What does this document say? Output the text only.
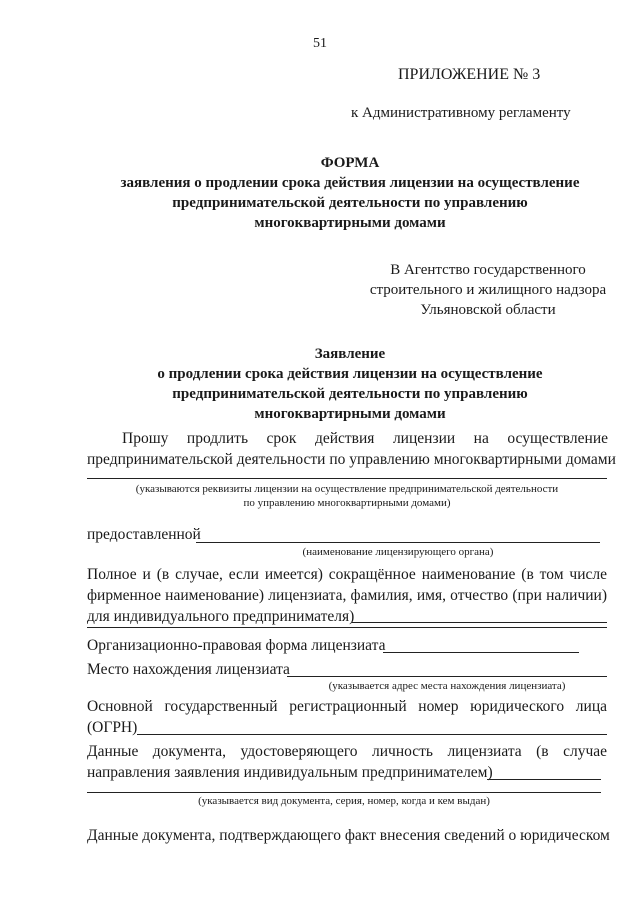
51
ПРИЛОЖЕНИЕ № 3
к Административному регламенту
ФОРМА
заявления о продлении срока действия лицензии на осуществление
предпринимательской деятельности по управлению
многоквартирными домами
В Агентство государственного
строительного и жилищного надзора
Ульяновской области
Заявление
о продлении срока действия лицензии на осуществление
предпринимательской деятельности по управлению
многоквартирными домами
Прошу продлить срок действия лицензии на осуществление
предпринимательской деятельности по управлению многоквартирными домами
(указываются реквизиты лицензии на осуществление предпринимательской деятельности
по управлению многоквартирными домами)
предоставленной
(наименование лицензирующего органа)
Полное и (в случае, если имеется) сокращённое наименование (в том числе
фирменное наименование) лицензиата, фамилия, имя, отчество (при наличии)
для индивидуального предпринимателя)
Организационно-правовая форма лицензиата
Место нахождения лицензиата
(указывается адрес места нахождения лицензиата)
Основной государственный регистрационный номер юридического лица
(ОГРН)
Данные документа, удостоверяющего личность лицензиата (в случае
направления заявления индивидуальным предпринимателем)
(указывается вид документа, серия, номер, когда и кем выдан)
Данные документа, подтверждающего факт внесения сведений о юридическом
